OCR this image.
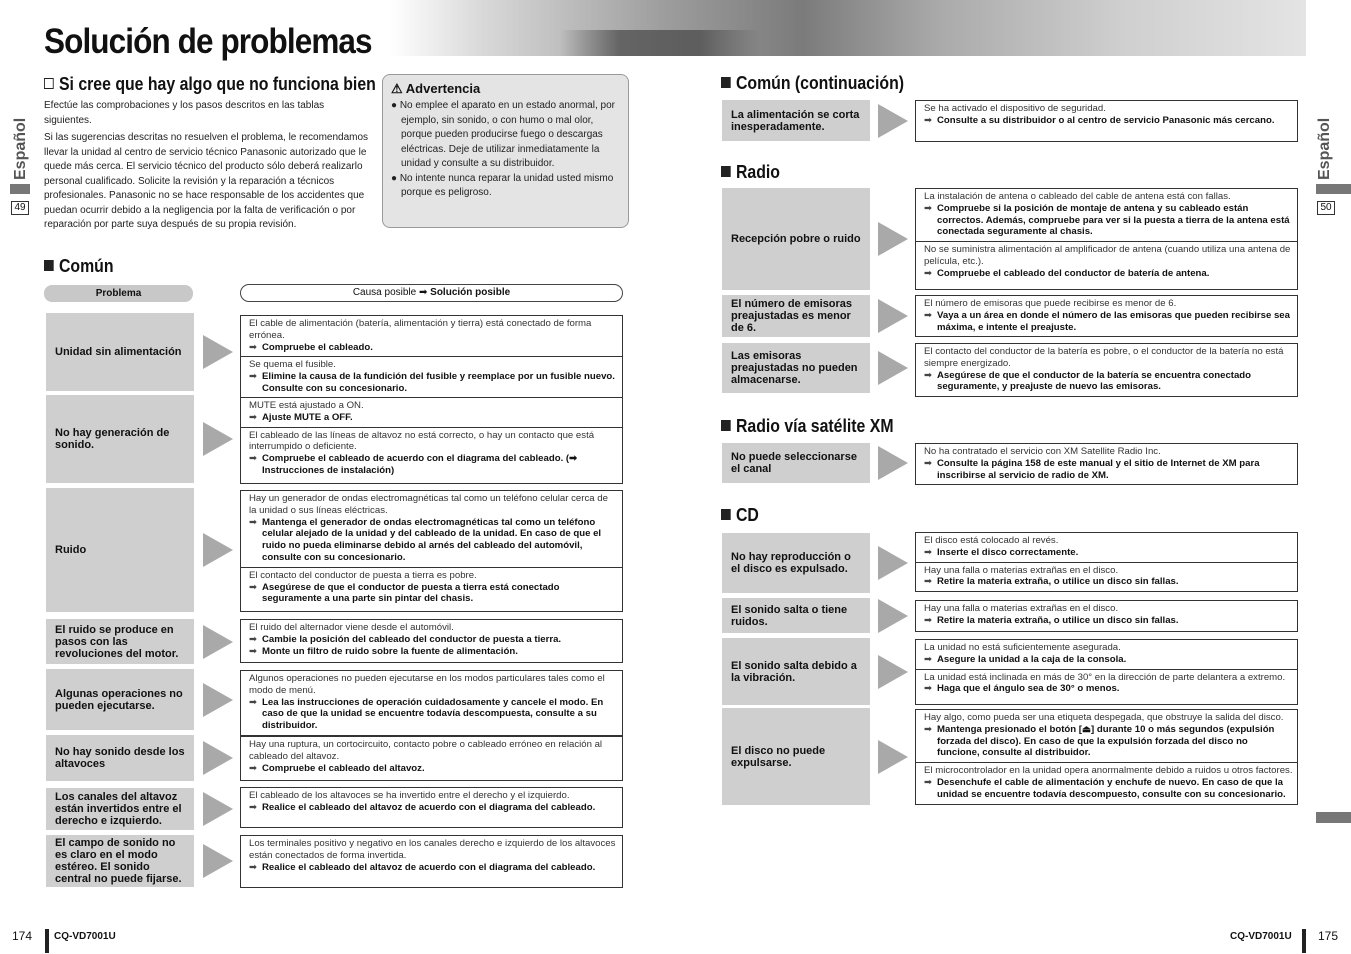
Solución de problemas
Español
49
Español
50
Si cree que hay algo que no funciona bien

Efectúe las comprobaciones y los pasos descritos en las tablas siguientes.

Si las sugerencias descritas no resuelven el problema, le recomendamos llevar la unidad al centro de servicio técnico Panasonic autorizado que le quede más cerca. El servicio técnico del producto sólo deberá realizarlo personal cualificado. Solicite la revisión y la reparación a técnicos profesionales. Panasonic no se hace responsable de los accidentes que puedan ocurrir debido a la negligencia por la falta de verificación o por reparación por parte suya después de su propia revisión.

⚠ Advertencia
● No emplee el aparato en un estado anormal, por ejemplo, sin sonido, o con humo o mal olor, porque pueden producirse fuego o descargas eléctricas. Deje de utilizar inmediatamente la unidad y consulte a su distribuidor.
● No intente nunca reparar la unidad usted mismo porque es peligroso.
Común
Común (continuación)
Radio
Radio vía satélite XM
CD
Problema	Causa posible ➡ Solución posible
Unidad sin alimentación
El cable de alimentación (batería, alimentación y tierra) está conectado de forma errónea.
➡ Compruebe el cableado.
Se quema el fusible.
➡ Elimine la causa de la fundición del fusible y reemplace por un fusible nuevo. Consulte con su concesionario.
No hay generación de sonido.
MUTE está ajustado a ON.
➡ Ajuste MUTE a OFF.
El cableado de las líneas de altavoz no está correcto, o hay un contacto que está interrumpido o deficiente.
➡ Compruebe el cableado de acuerdo con el diagrama del cableado. (➡ Instrucciones de instalación)
Ruido
Hay un generador de ondas electromagnéticas tal como un teléfono celular cerca de la unidad o sus líneas eléctricas.
➡ Mantenga el generador de ondas electromagnéticas tal como un teléfono celular alejado de la unidad y del cableado de la unidad. En caso de que el ruido no pueda eliminarse debido al arnés del cableado del automóvil, consulte con su concesionario.
El contacto del conductor de puesta a tierra es pobre.
➡ Asegúrese de que el conductor de puesta a tierra está conectado seguramente a una parte sin pintar del chasis.
El ruido se produce en pasos con las revoluciones del motor.
El ruido del alternador viene desde el automóvil.
➡ Cambie la posición del cableado del conductor de puesta a tierra.
➡ Monte un filtro de ruido sobre la fuente de alimentación.
Algunas operaciones no pueden ejecutarse.
Algunos operaciones no pueden ejecutarse en los modos particulares tales como el modo de menú.
➡ Lea las instrucciones de operación cuidadosamente y cancele el modo. En caso de que la unidad se encuentre todavía descompuesta, consulte a su distribuidor.
No hay sonido desde los altavoces
Hay una ruptura, un cortocircuito, contacto pobre o cableado erróneo en relación al cableado del altavoz.
➡ Compruebe el cableado del altavoz.
Los canales del altavoz están invertidos entre el derecho e izquierdo.
El cableado de los altavoces se ha invertido entre el derecho y el izquierdo.
➡ Realice el cableado del altavoz de acuerdo con el diagrama del cableado.
El campo de sonido no es claro en el modo estéreo. El sonido central no puede fijarse.
Los terminales positivo y negativo en los canales derecho e izquierdo de los altavoces están conectados de forma invertida.
➡ Realice el cableado del altavoz de acuerdo con el diagrama del cableado.
La alimentación se corta inesperadamente.
Se ha activado el dispositivo de seguridad.
➡ Consulte a su distribuidor o al centro de servicio Panasonic más cercano.
Recepción pobre o ruido
La instalación de antena o cableado del cable de antena está con fallas.
➡ Compruebe si la posición de montaje de antena y su cableado están correctos. Además, compruebe para ver si la puesta a tierra de la antena está conectada seguramente al chasis.
No se suministra alimentación al amplificador de antena (cuando utiliza una antena de película, etc.).
➡ Compruebe el cableado del conductor de batería de antena.
El número de emisoras preajustadas es menor de 6.
El número de emisoras que puede recibirse es menor de 6.
➡ Vaya a un área en donde el número de las emisoras que pueden recibirse sea máxima, e intente el preajuste.
Las emisoras preajustadas no pueden almacenarse.
El contacto del conductor de la batería es pobre, o el conductor de la batería no está siempre energizado.
➡ Asegúrese de que el conductor de la batería se encuentra conectado seguramente, y preajuste de nuevo las emisoras.
No puede seleccionarse el canal
No ha contratado el servicio con XM Satellite Radio Inc.
➡ Consulte la página 158 de este manual y el sitio de Internet de XM para inscribirse al servicio de radio de XM.
No hay reproducción o el disco es expulsado.
El disco está colocado al revés.
➡ Inserte el disco correctamente.
Hay una falla o materias extrañas en el disco.
➡ Retire la materia extraña, o utilice un disco sin fallas.
El sonido salta o tiene ruidos.
Hay una falla o materias extrañas en el disco.
➡ Retire la materia extraña, o utilice un disco sin fallas.
El sonido salta debido a la vibración.
La unidad no está suficientemente asegurada.
➡ Asegure la unidad a la caja de la consola.
La unidad está inclinada en más de 30° en la dirección de parte delantera a extremo.
➡ Haga que el ángulo sea de 30° o menos.
El disco no puede expulsarse.
Hay algo, como pueda ser una etiqueta despegada, que obstruye la salida del disco.
➡ Mantenga presionado el botón [⏏] durante 10 o más segundos (expulsión forzada del disco). En caso de que la expulsión forzada del disco no funcione, consulte al distribuidor.
El microcontrolador en la unidad opera anormalmente debido a ruidos u otros factores.
➡ Desenchufe el cable de alimentación y enchufe de nuevo. En caso de que la unidad se encuentre todavía descompuesto, consulte con su concesionario.
174 CQ-VD7001U	CQ-VD7001U 175
